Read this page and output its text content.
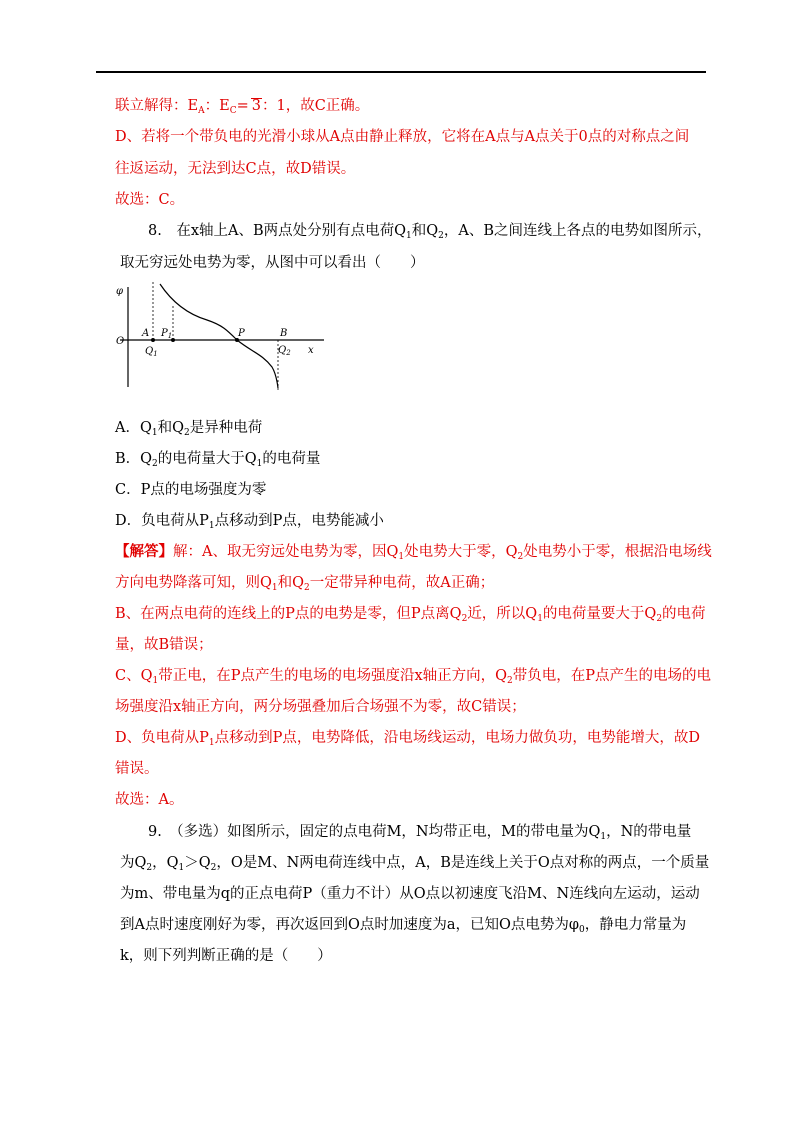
联立解得：$E_A$：$E_C= 3$：1，故C正确。
D、若将一个带负电的光滑小球从A点由静止释放，它将在A点与A点关于0点的对称点之间
往返运动，无法到达C点，故D错误。
故选：C。
8.　在x轴上A、B两点处分别有点电荷$Q_1$和$Q_2$，A、B之间连线上各点的电势如图所示，
取无穷远处电势为零，从图中可以看出（　　）
φ
O
A
$Q_1$
$P_1$	P	B
$Q_2$ x
A．$Q_1$和$Q_2$是异种电荷
B．$Q_2$的电荷量大于$Q_1$的电荷量
C．P点的电场强度为零
D．负电荷从$P_1$点移动到P点，电势能减小
【解答】解：A、取无穷远处电势为零，因$Q_1$处电势大于零，$Q_2$处电势小于零，根据沿电场线
方向电势降落可知，则$Q_1$和$Q_2$一定带异种电荷，故A正确；
B、在两点电荷的连线上的P点的电势是零，但P点离$Q_2$近，所以$Q_1$的电荷量要大于$Q_2$的电荷
量，故B错误；
C、$Q_1$带正电，在P点产生的电场的电场强度沿x轴正方向，$Q_2$带负电，在P点产生的电场的电
场强度沿x轴正方向，两分场强叠加后合场强不为零，故C错误；
D、负电荷从$P_1$点移动到P点，电势降低，沿电场线运动，电场力做负功，电势能增大，故D
错误。
故选：A。
9.　（多选）如图所示，固定的点电荷M，N均带正电，M的带电量为$Q_1$，N的带电量
为$Q_2$，$Q_1>Q_2$，O是M、N两电荷连线中点，A，B是连线上关于O点对称的两点，一个质量
为m、带电量为q的正点电荷P（重力不计）从O点以初速度飞沿M、N连线向左运动，运动
到A点时速度刚好为零，再次返回到O点时加速度为a，已知O点电势为$\varphi_0$，静电力常量为
k，则下列判断正确的是（　　）
